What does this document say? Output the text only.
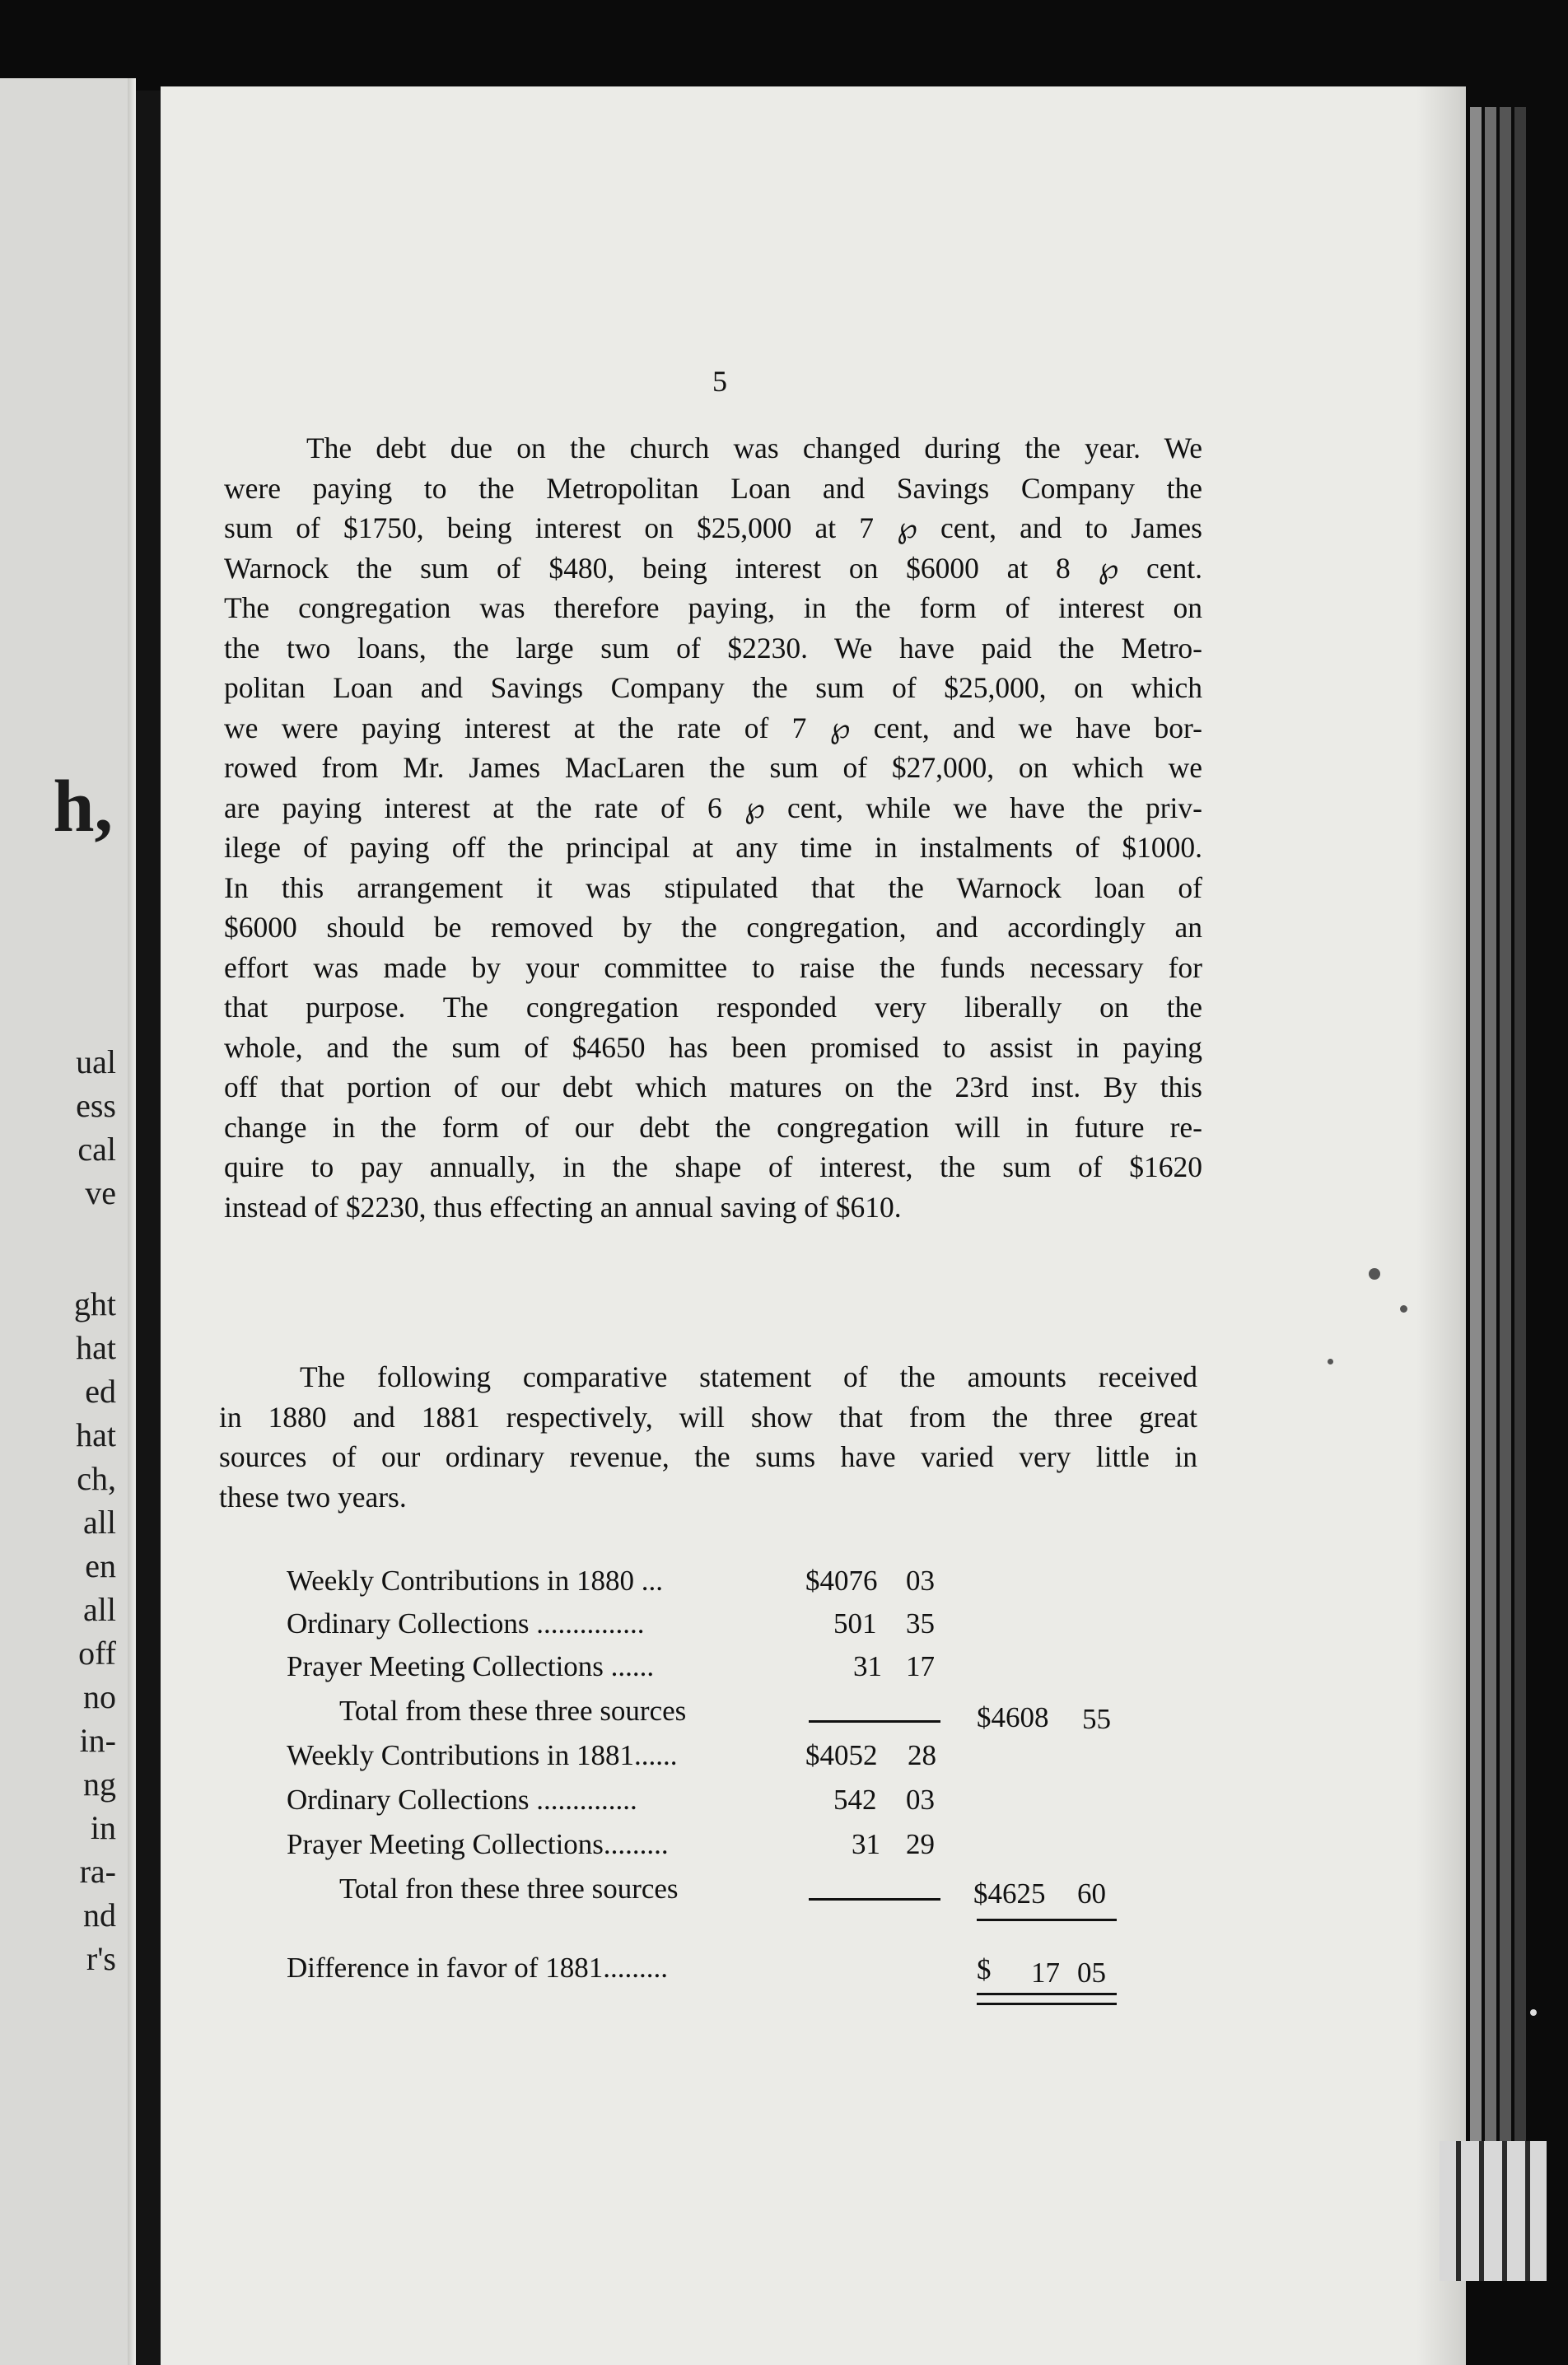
h,
ual
ess
cal
ve
ght
hat
ed
hat
ch,
all
en
all
off
no
in-
ng
in
ra-
nd
r's
5
The debt due on the church was changed during the year. We
were paying to the Metropolitan Loan and Savings Company the
sum of $1750, being interest on $25,000 at 7 ℘ cent, and to James
Warnock the sum of $480, being interest on $6000 at 8 ℘ cent.
The congregation was therefore paying, in the form of interest on
the two loans, the large sum of $2230. We have paid the Metro-
politan Loan and Savings Company the sum of $25,000, on which
we were paying interest at the rate of 7 ℘ cent, and we have bor-
rowed from Mr. James MacLaren the sum of $27,000, on which we
are paying interest at the rate of 6 ℘ cent, while we have the priv-
ilege of paying off the principal at any time in instalments of $1000.
In this arrangement it was stipulated that the Warnock loan of
$6000 should be removed by the congregation, and accordingly an
effort was made by your committee to raise the funds necessary for
that purpose. The congregation responded very liberally on the
whole, and the sum of $4650 has been promised to assist in paying
off that portion of our debt which matures on the 23rd inst. By this
change in the form of our debt the congregation will in future re-
quire to pay annually, in the shape of interest, the sum of $1620
instead of $2230, thus effecting an annual saving of $610.
The following comparative statement of the amounts received
in 1880 and 1881 respectively, will show that from the three great
sources of our ordinary revenue, the sums have varied very little in
these two years.
Weekly Contributions in 1880 ...	$4076 03
Ordinary Collections ...............	501 35
Prayer Meeting Collections ......	31 17
Total from these three sources	$4608 55
Weekly Contributions in 1881......	$4052 28
Ordinary Collections ..............	542 03
Prayer Meeting Collections.........	31 29
Total fron these three sources	$4625 60
Difference in favor of 1881.........	$ 17 05
